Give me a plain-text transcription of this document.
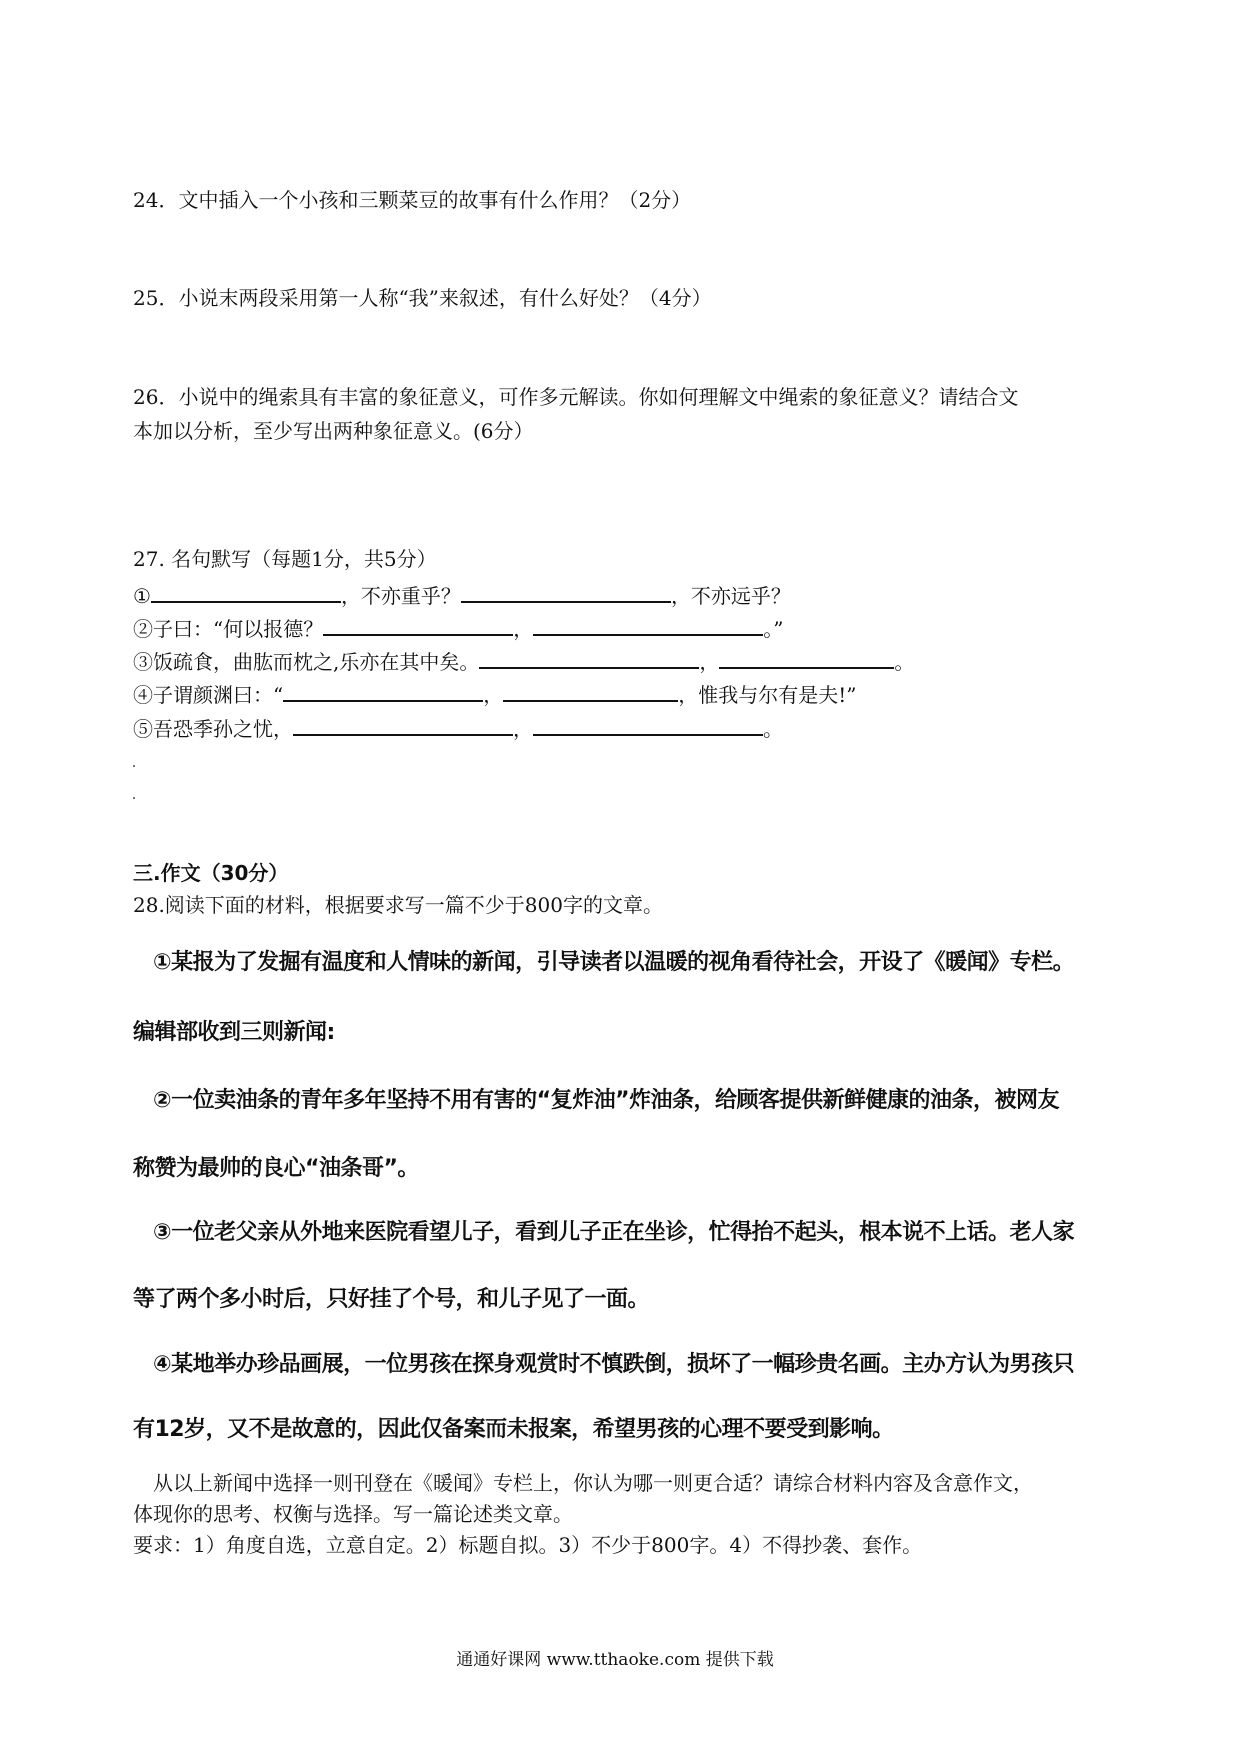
24．文中插入一个小孩和三颗菜豆的故事有什么作用？（2分）
25．小说末两段采用第一人称“我”来叙述，有什么好处？（4分）
26．小说中的绳索具有丰富的象征意义，可作多元解读。你如何理解文中绳索的象征意义？请结合文
本加以分析，至少写出两种象征意义。(6分）
27. 名句默写（每题1分，共5分）
①	，不亦重乎？	，不亦远乎？
②子曰：“何以报德？	，	。”
③饭疏食，曲肱而枕之,乐亦在其中矣。	，	。
④子谓颜渊曰：“	，	，惟我与尔有是夫!”
⑤吾恐季孙之忧，	，	。
三.作文（30分）
28.阅读下面的材料，根据要求写一篇不少于800字的文章。
①某报为了发掘有温度和人情味的新闻，引导读者以温暖的视角看待社会，开设了《暖闻》专栏。
编辑部收到三则新闻:
②一位卖油条的青年多年坚持不用有害的“复炸油”炸油条，给顾客提供新鲜健康的油条，被网友
称赞为最帅的良心“油条哥”。
③一位老父亲从外地来医院看望儿子，看到儿子正在坐诊，忙得抬不起头，根本说不上话。老人家
等了两个多小时后，只好挂了个号，和儿子见了一面。
④某地举办珍品画展，一位男孩在探身观赏时不慎跌倒，损坏了一幅珍贵名画。主办方认为男孩只
有12岁，又不是故意的，因此仅备案而未报案，希望男孩的心理不要受到影响。
从以上新闻中选择一则刊登在《暖闻》专栏上，你认为哪一则更合适？请综合材料内容及含意作文，
体现你的思考、权衡与选择。写一篇论述类文章。
要求：1）角度自选，立意自定。2）标题自拟。3）不少于800字。4）不得抄袭、套作。
通通好课网 www.tthaoke.com 提供下载
